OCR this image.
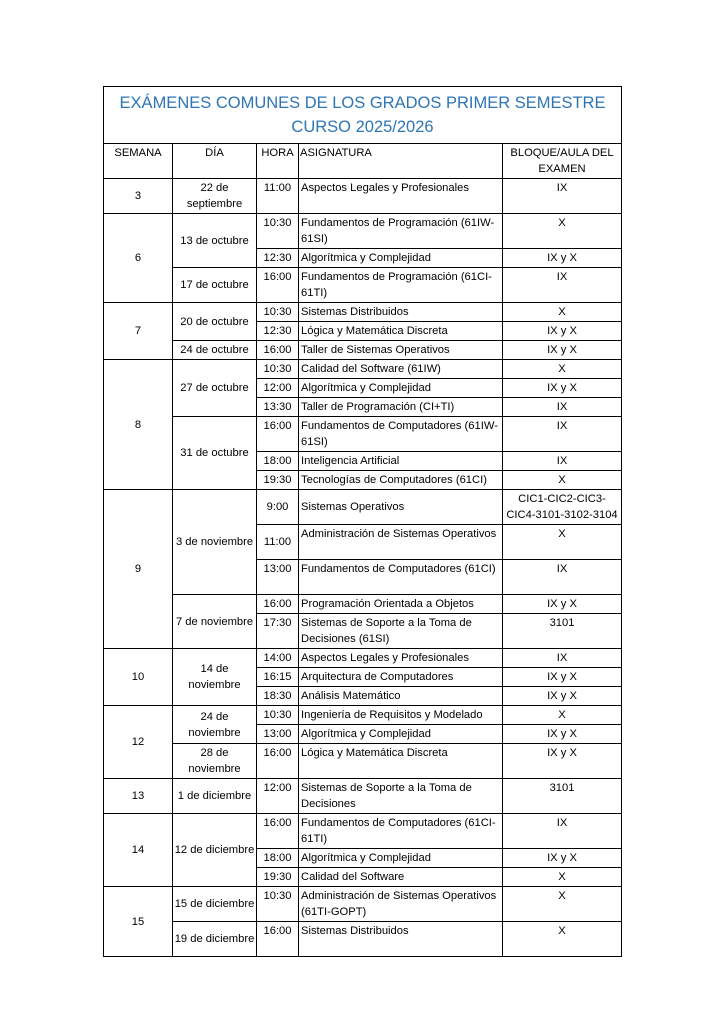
EXÁMENES COMUNES DE LOS GRADOS PRIMER SEMESTRE
CURSO 2025/2026				

SEMANA	DÍA	HORA	ASIGNATURA	BLOQUE/AULA DEL EXAMEN
3	22 de septiembre	11:00	Aspectos Legales y Profesionales	IX
6	13 de octubre	10:30	Fundamentos de Programación (61IW-61SI)	X
		12:30	Algorítmica y Complejidad	IX y X
	17 de octubre	16:00	Fundamentos de Programación (61CI-61TI)	IX
7	20 de octubre	10:30	Sistemas Distribuidos	X
		12:30	Lógica y Matemática Discreta	IX y X
	24 de octubre	16:00	Taller de Sistemas Operativos	IX y X
8	27 de octubre	10:30	Calidad del Software (61IW)	X
		12:00	Algorítmica y Complejidad	IX y X
		13:30	Taller de Programación (CI+TI)	IX
	31 de octubre	16:00	Fundamentos de Computadores (61IW-61SI)	IX
		18:00	Inteligencia Artificial	IX
		19:30	Tecnologías de Computadores (61CI)	X
9	3 de noviembre	9:00	Sistemas Operativos	CIC1-CIC2-CIC3-CIC4-3101-3102-3104
		11:00	Administración de Sistemas Operativos	X
		13:00	Fundamentos de Computadores (61CI)	IX
	7 de noviembre	16:00	Programación Orientada a Objetos	IX y X
		17:30	Sistemas de Soporte a la Toma de Decisiones (61SI)	3101
10	14 de noviembre	14:00	Aspectos Legales y Profesionales	IX
		16:15	Arquitectura de Computadores	IX y X
		18:30	Análisis Matemático	IX y X
12	24 de noviembre	10:30	Ingeniería de Requisitos y Modelado	X
		13:00	Algorítmica y Complejidad	IX y X
	28 de noviembre	16:00	Lógica y Matemática Discreta	IX y X
13	1 de diciembre	12:00	Sistemas de Soporte a la Toma de Decisiones	3101
14	12 de diciembre	16:00	Fundamentos de Computadores (61CI-61TI)	IX
		18:00	Algorítmica y Complejidad	IX y X
		19:30	Calidad del Software	X
15	15 de diciembre	10:30	Administración de Sistemas Operativos (61TI-GOPT)	X
	19 de diciembre	16:00	Sistemas Distribuidos	X
